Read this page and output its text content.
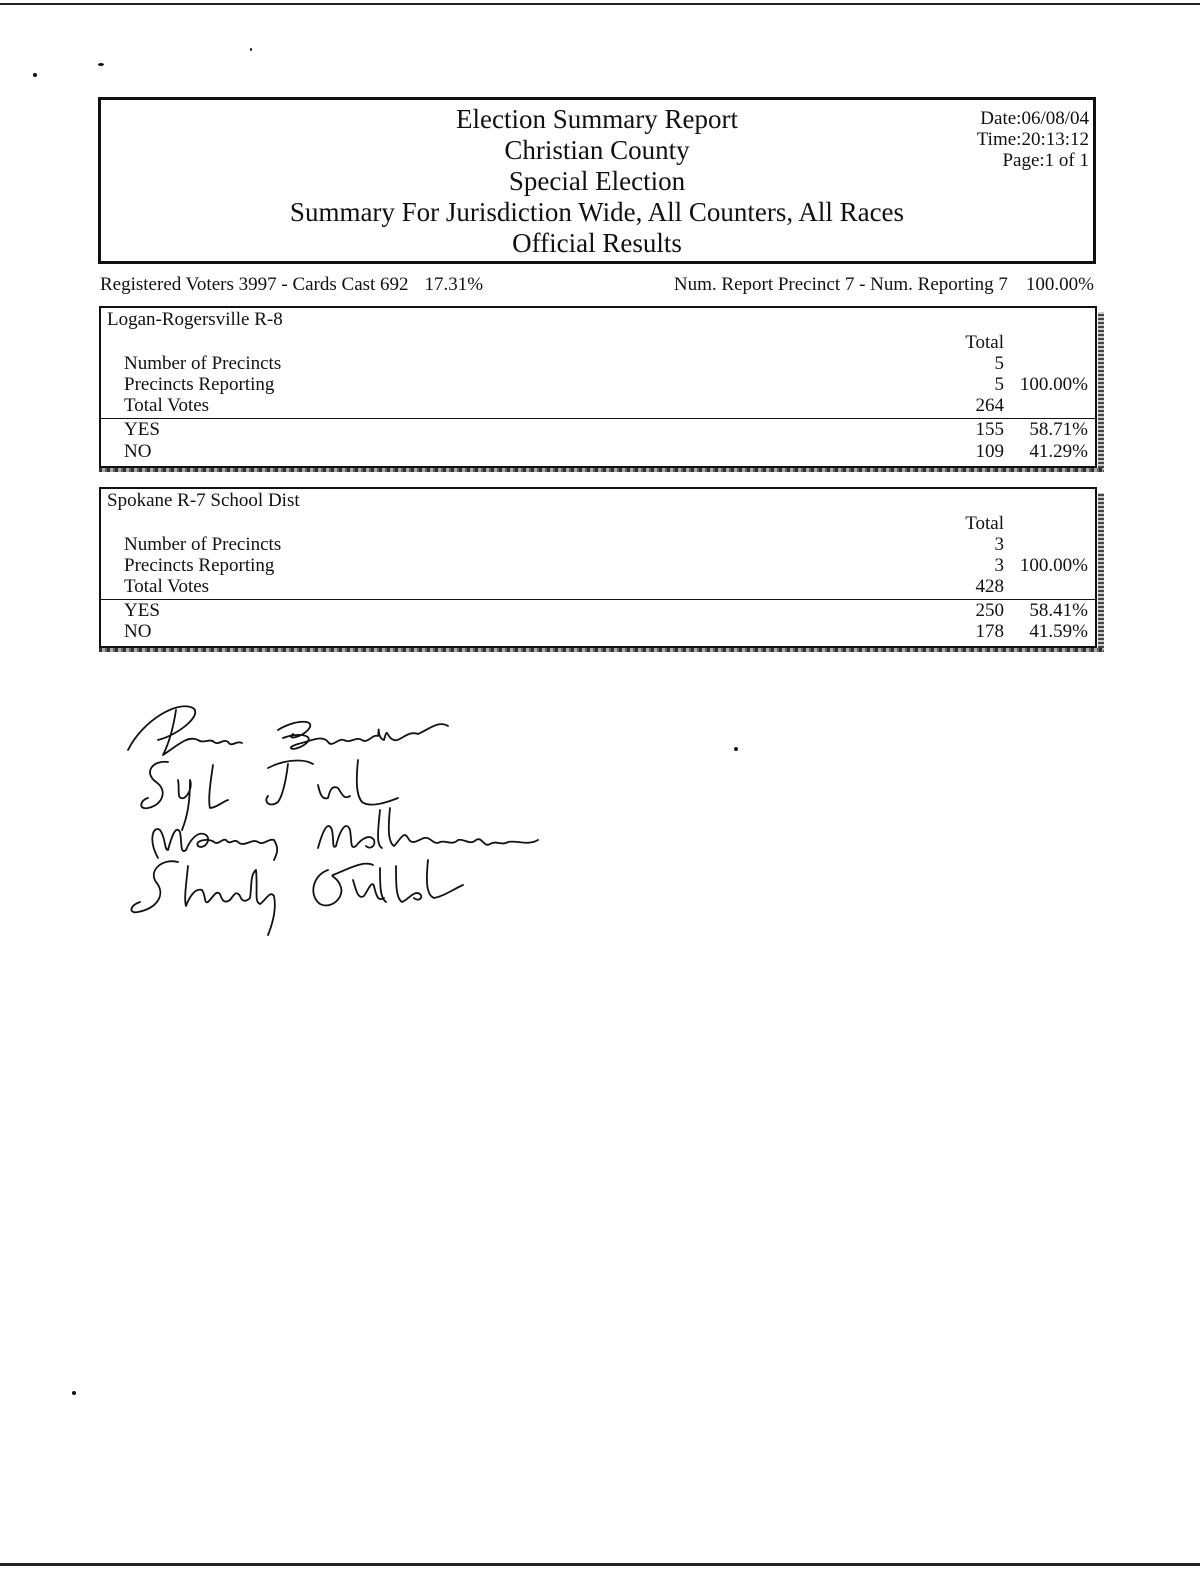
Election Summary Report
Christian County
Special Election
Summary For Jurisdiction Wide, All Counters, All Races
Official Results
Date:06/08/04
Time:20:13:12
Page:1 of 1
Registered Voters 3997 - Cards Cast 692 17.31%	Num. Report Precinct 7 - Num. Reporting 7 100.00%
Logan-Rogersville R-8
Total
Number of Precincts	5
Precincts Reporting	5 100.00%
Total Votes	264
YES	155	58.71%
NO	109	41.29%
Spokane R-7 School Dist
Total
Number of Precincts	3
Precincts Reporting	3 100.00%
Total Votes	428
YES	250	58.41%
NO	178	41.59%
